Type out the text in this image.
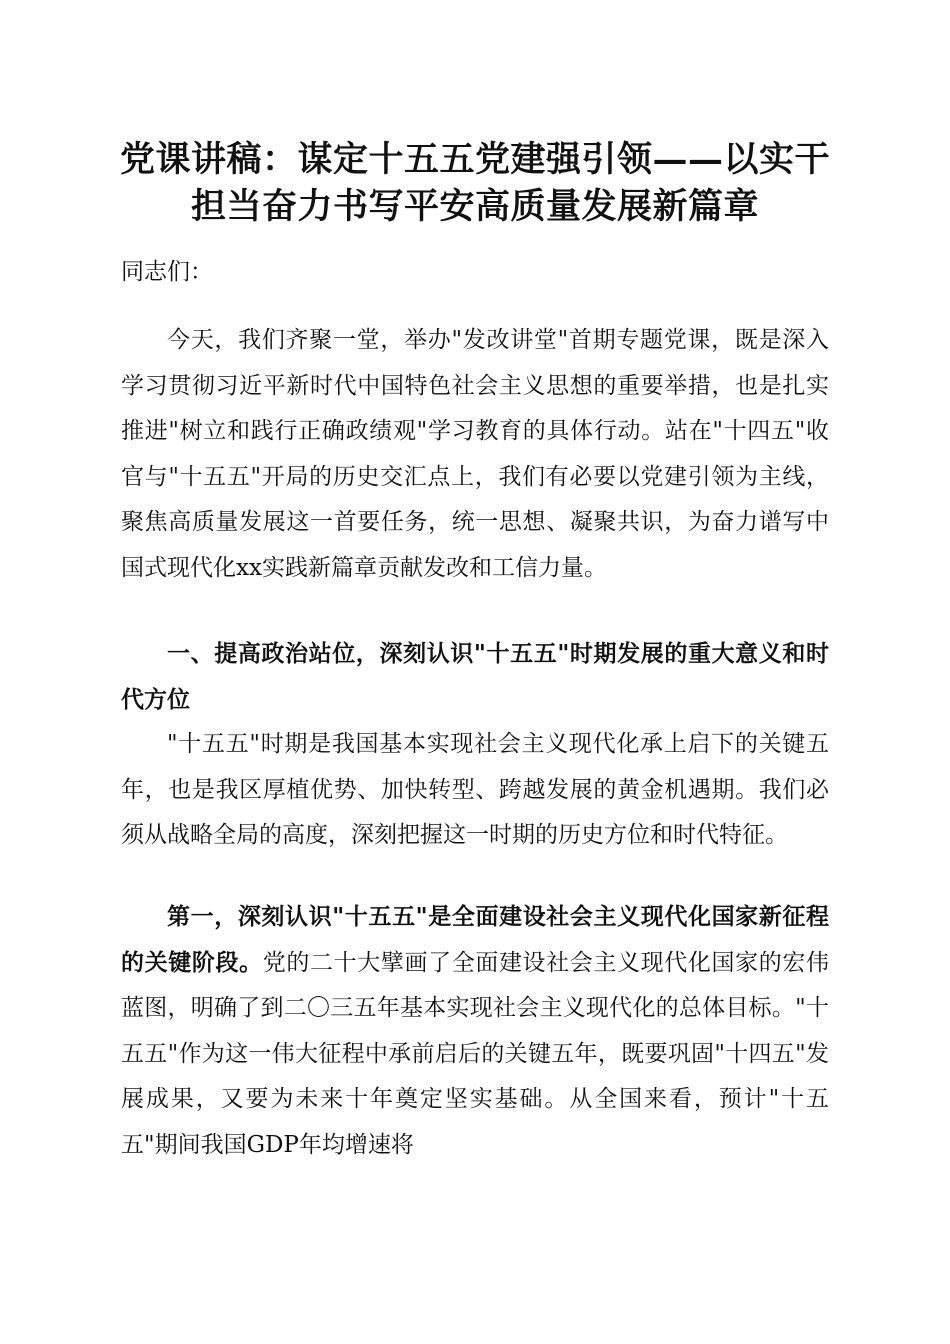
党课讲稿：谋定十五五党建强引领——以实干
担当奋力书写平安高质量发展新篇章

同志们：

今天，我们齐聚一堂，举办"发改讲堂"首期专题党课，既是深入学习贯彻习近平新时代中国特色社会主义思想的重要举措，也是扎实推进"树立和践行正确政绩观"学习教育的具体行动。站在"十四五"收官与"十五五"开局的历史交汇点上，我们有必要以党建引领为主线，聚焦高质量发展这一首要任务，统一思想、凝聚共识，为奋力谱写中国式现代化xx实践新篇章贡献发改和工信力量。

一、提高政治站位，深刻认识"十五五"时期发展的重大意义和时代方位

"十五五"时期是我国基本实现社会主义现代化承上启下的关键五年，也是我区厚植优势、加快转型、跨越发展的黄金机遇期。我们必须从战略全局的高度，深刻把握这一时期的历史方位和时代特征。

第一，深刻认识"十五五"是全面建设社会主义现代化国家新征程的关键阶段。党的二十大擘画了全面建设社会主义现代化国家的宏伟蓝图，明确了到二〇三五年基本实现社会主义现代化的总体目标。"十五五"作为这一伟大征程中承前启后的关键五年，既要巩固"十四五"发展成果，又要为未来十年奠定坚实基础。从全国来看，预计"十五五"期间我国GDP年均增速将
